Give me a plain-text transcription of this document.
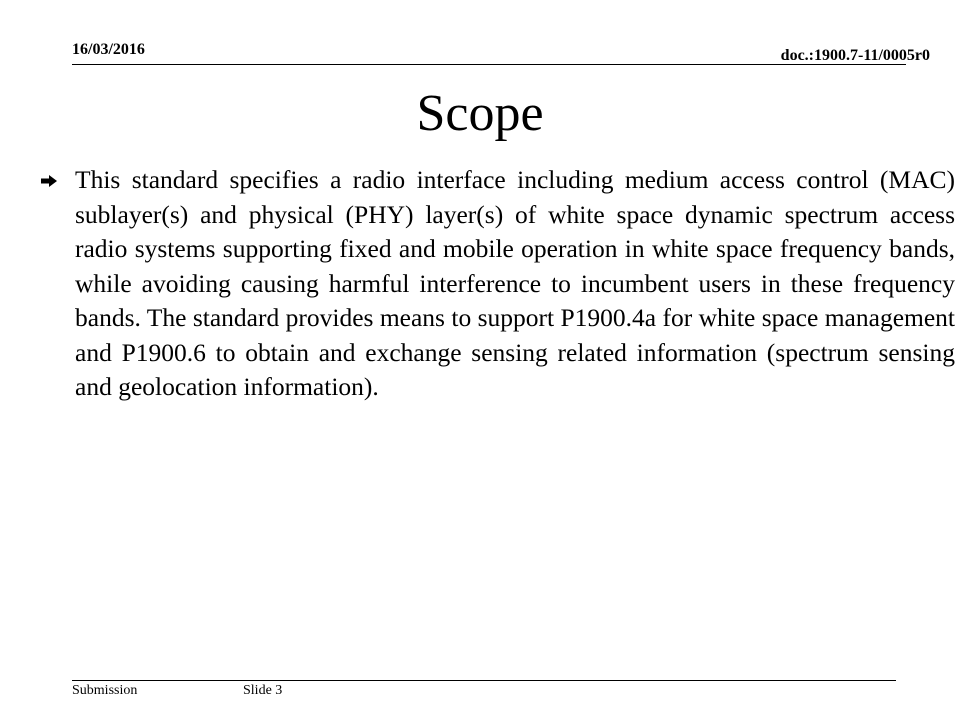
16/03/2016	doc.:1900.7-11/0005r0
Scope
This standard specifies a radio interface including medium access control (MAC) sublayer(s) and physical (PHY) layer(s) of white space dynamic spectrum access radio systems supporting fixed and mobile operation in white space frequency bands, while avoiding causing harmful interference to incumbent users in these frequency bands. The standard provides means to support P1900.4a for white space management and P1900.6 to obtain and exchange sensing related information (spectrum sensing and geolocation information).
Submission	Slide 3
